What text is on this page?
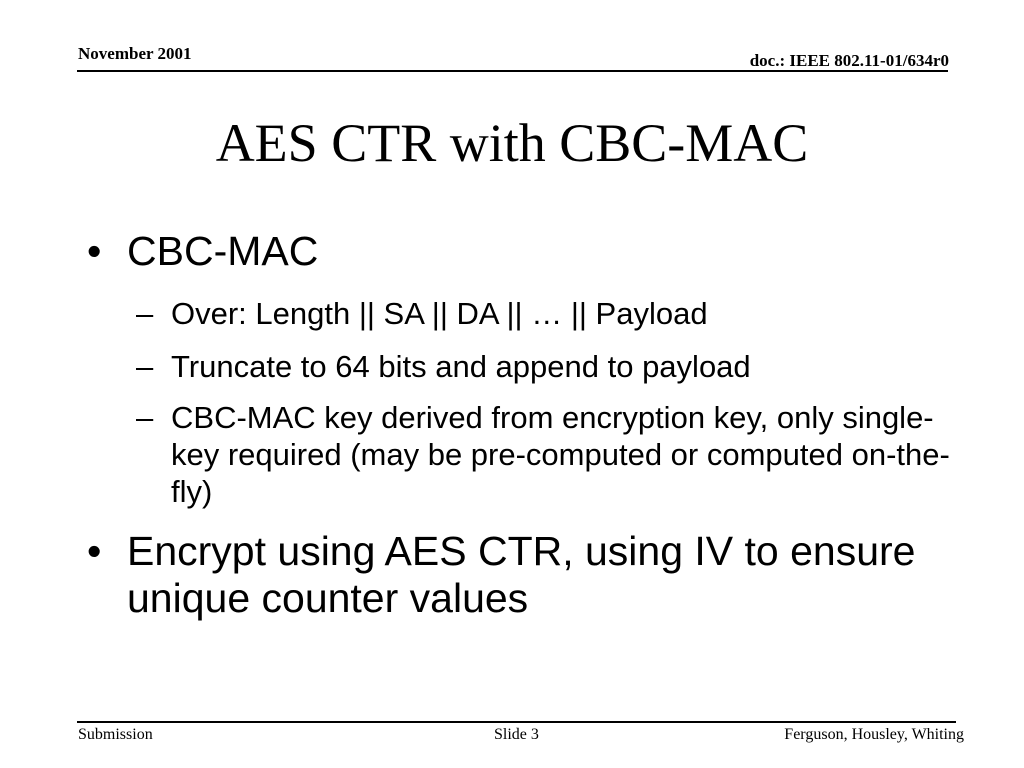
November 2001	doc.: IEEE 802.11-01/634r0
AES CTR with CBC-MAC
• CBC-MAC
– Over: Length || SA || DA || … || Payload
– Truncate to 64 bits and append to payload
– CBC-MAC key derived from encryption key, only single-key required (may be pre-computed or computed on-the-fly)
• Encrypt using AES CTR, using IV to ensure unique counter values
Submission	Slide 3	Ferguson, Housley, Whiting
